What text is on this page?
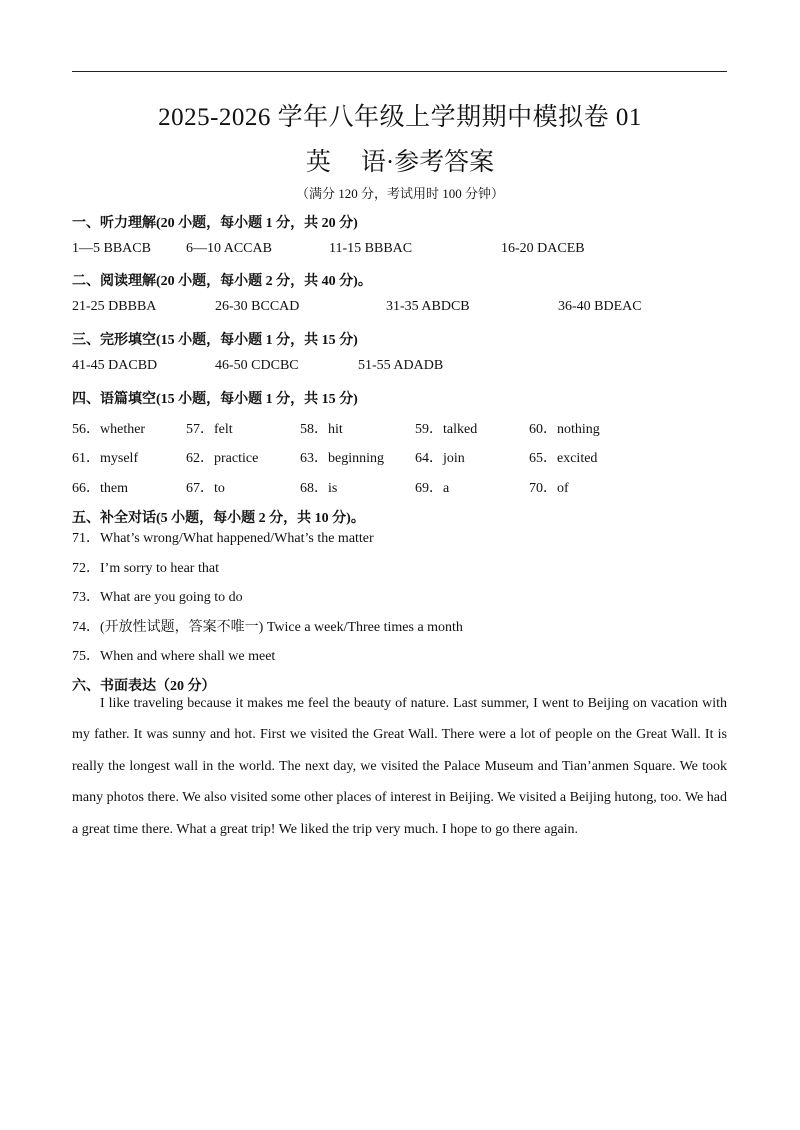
2025-2026 学年八年级上学期期中模拟卷 01
英 语·参考答案
（满分 120 分，考试用时 100 分钟）
一、听力理解(20 小题，每小题 1 分，共 20 分)
1—5 BBACB	6—10 ACCAB	11-15 BBBAC	16-20 DACEB
二、阅读理解(20 小题，每小题 2 分，共 40 分)。
21-25 DBBBA	26-30 BCCAD	31-35 ABDCB	36-40 BDEAC
三、完形填空(15 小题，每小题 1 分，共 15 分)
41-45 DACBD	46-50 CDCBC	51-55 ADADB
四、语篇填空(15 小题，每小题 1 分，共 15 分)
56．whether	57．felt	58．hit	59．talked	60．nothing
61．myself	62．practice	63．beginning 64．join	65．excited
66．them	67．to	68．is	69．a	70．of
五、补全对话(5 小题，每小题 2 分，共 10 分)。
71．What’s wrong/What happened/What’s the matter
72．I’m sorry to hear that
73．What are you going to do
74．(开放性试题，答案不唯一) Twice a week/Three times a month
75．When and where shall we meet
六、书面表达（20 分）
I like traveling because it makes me feel the beauty of nature. Last summer, I went to Beijing on vacation with my father. It was sunny and hot. First we visited the Great Wall. There were a lot of people on the Great Wall. It is really the longest wall in the world. The next day, we visited the Palace Museum and Tian’anmen Square. We took many photos there. We also visited some other places of interest in Beijing. We visited a Beijing hutong, too. We had a great time there. What a great trip! We liked the trip very much. I hope to go there again.
